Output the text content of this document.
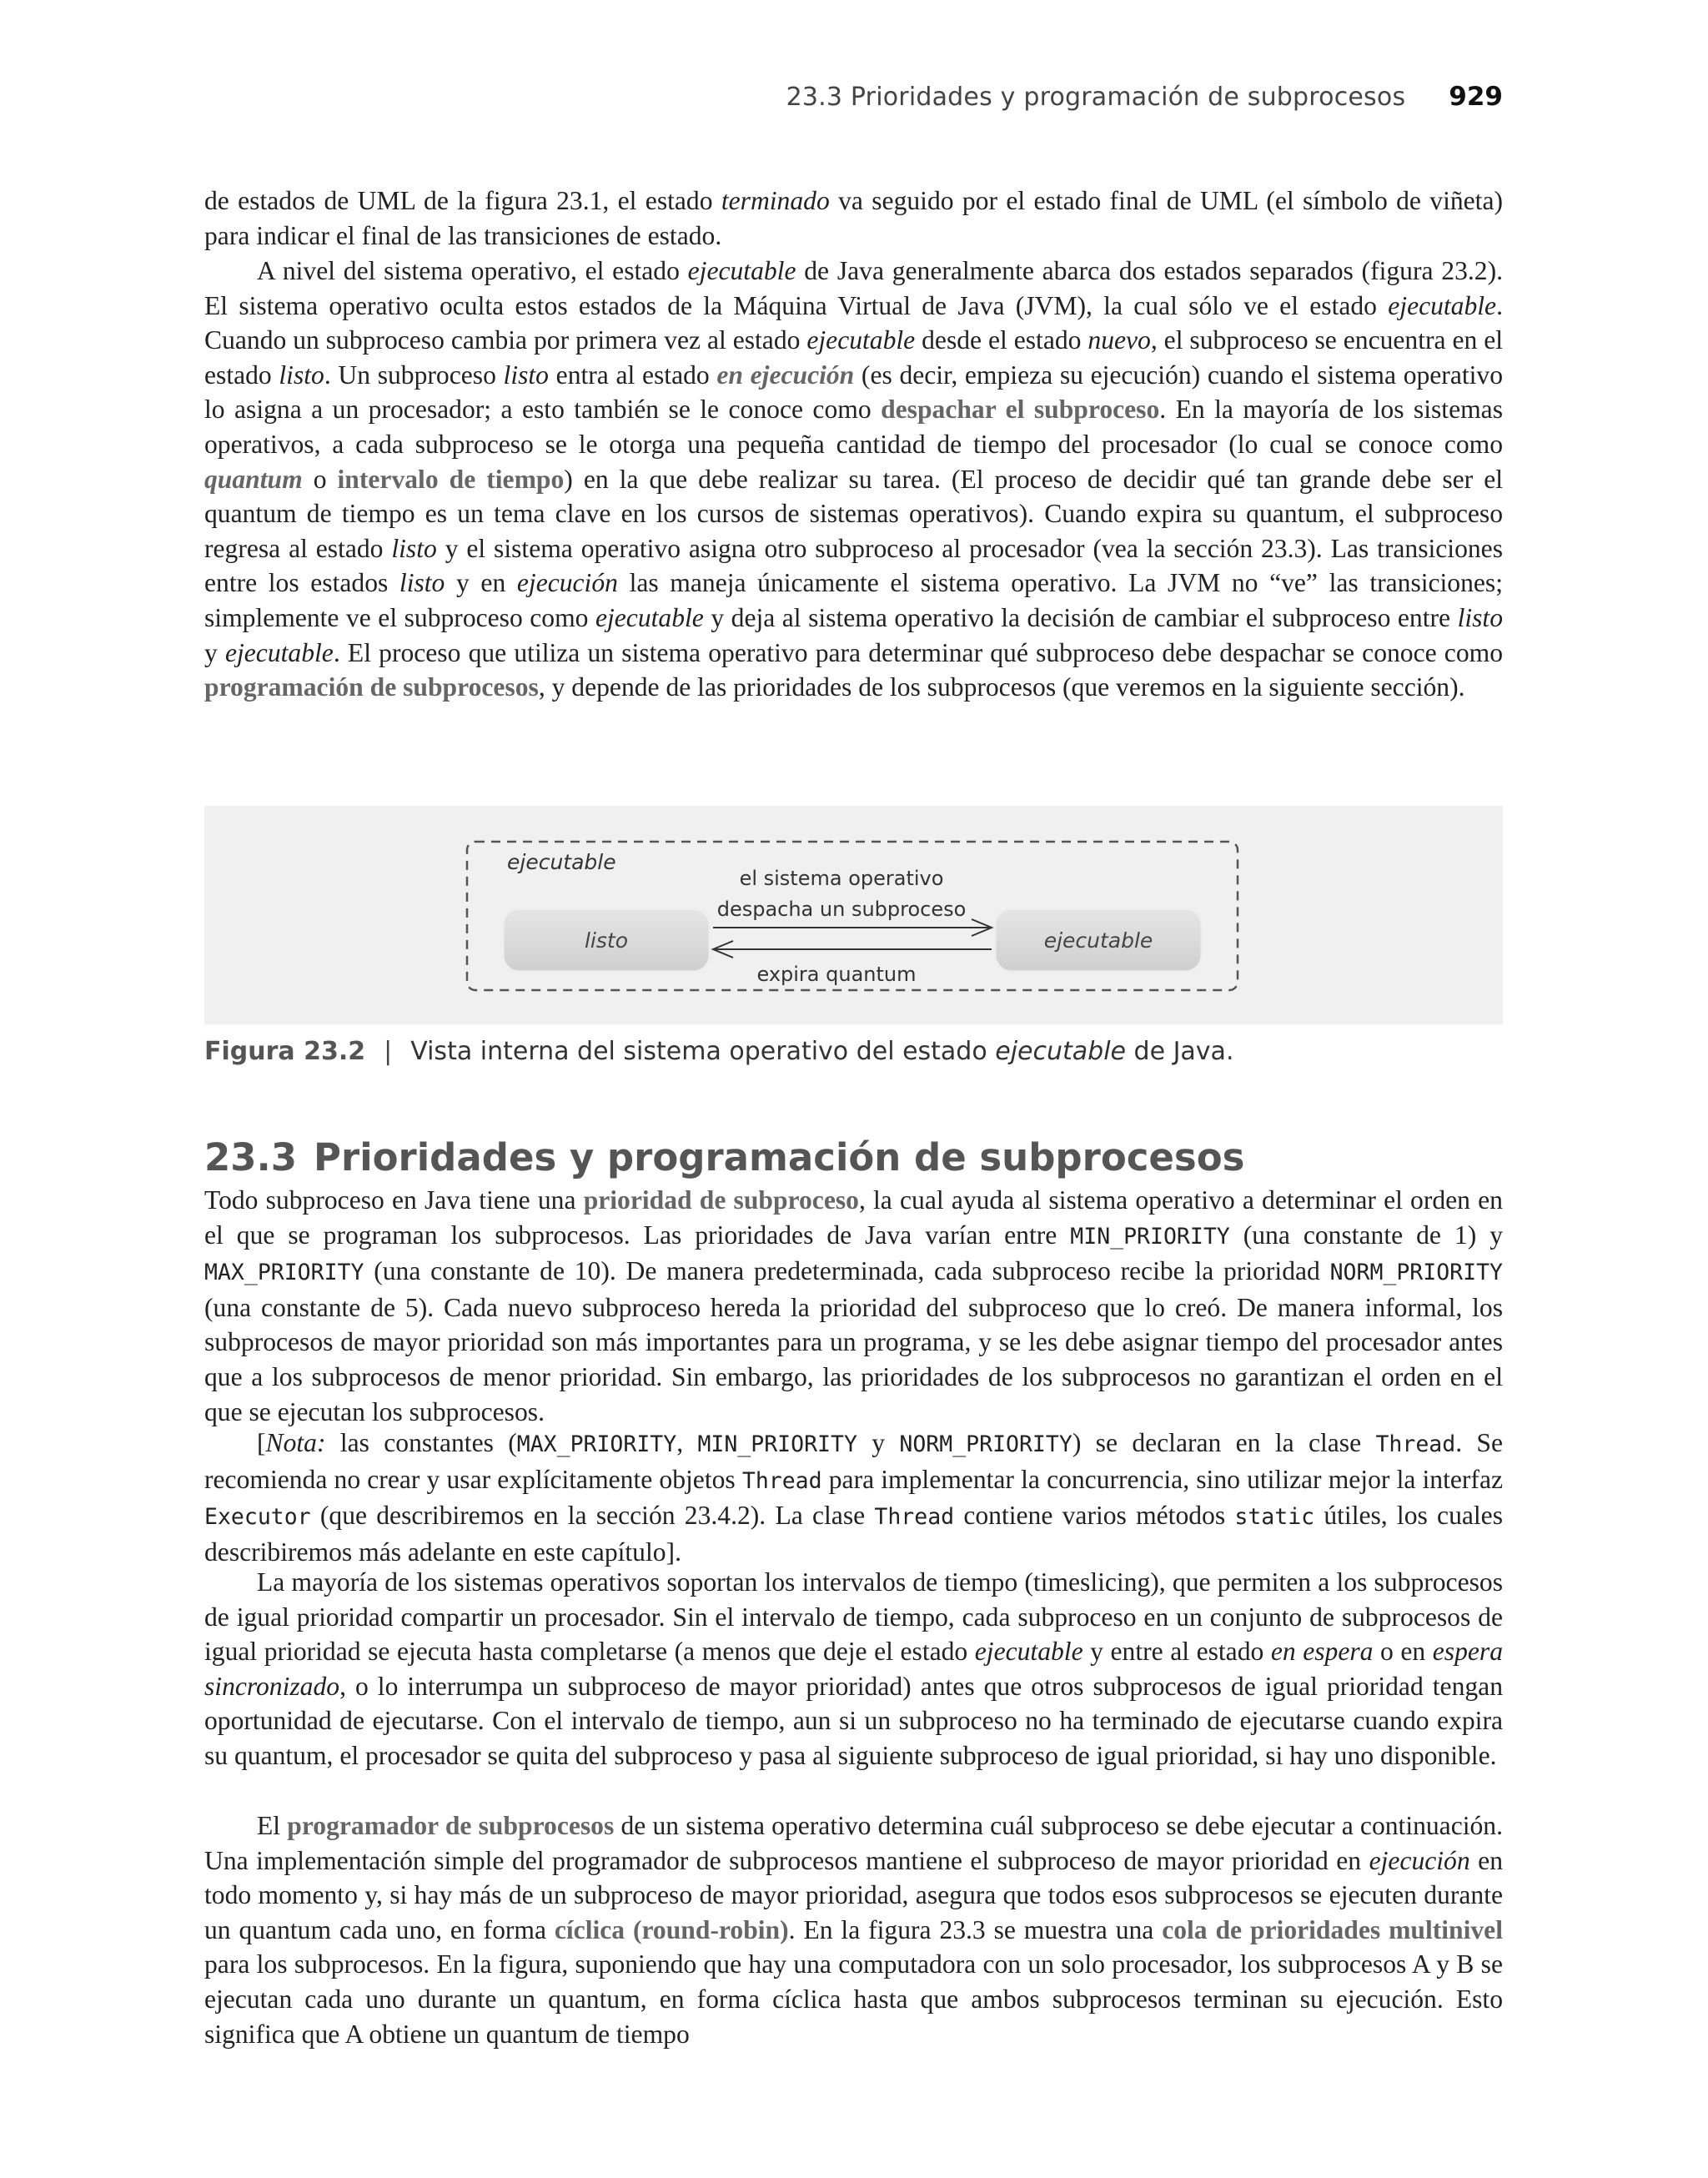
23.3 Prioridades y programación de subprocesos 929

de estados de UML de la figura 23.1, el estado terminado va seguido por el estado final de UML (el símbolo de viñeta) para indicar el final de las transiciones de estado.

A nivel del sistema operativo, el estado ejecutable de Java generalmente abarca dos estados separados (figura 23.2). El sistema operativo oculta estos estados de la Máquina Virtual de Java (JVM), la cual sólo ve el estado ejecutable. Cuando un subproceso cambia por primera vez al estado ejecutable desde el estado nuevo, el subproceso se encuentra en el estado listo. Un subproceso listo entra al estado en ejecución (es decir, empieza su ejecución) cuando el sistema operativo lo asigna a un procesador; a esto también se le conoce como despachar el subproceso. En la mayoría de los sistemas operativos, a cada subproceso se le otorga una pequeña cantidad de tiempo del procesador (lo cual se conoce como quantum o intervalo de tiempo) en la que debe realizar su tarea. (El proceso de decidir qué tan grande debe ser el quantum de tiempo es un tema clave en los cursos de sistemas operativos). Cuando expira su quantum, el subproceso regresa al estado listo y el sistema operativo asigna otro subproceso al procesador (vea la sección 23.3). Las transiciones entre los estados listo y en ejecución las maneja únicamente el sistema operativo. La JVM no “ve” las transiciones; simplemente ve el subproceso como ejecutable y deja al sistema operativo la decisión de cambiar el subproceso entre listo y ejecutable. El proceso que utiliza un sistema operativo para determinar qué subproceso debe despachar se conoce como programación de subprocesos, y depende de las prioridades de los subprocesos (que veremos en la siguiente sección).

ejecutable
listo	ejecutable
el sistema operativo
despacha un subproceso
expira quantum
Figura 23.2 | Vista interna del sistema operativo del estado ejecutable de Java.
23.3 Prioridades y programación de subprocesos

Todo subproceso en Java tiene una prioridad de subproceso, la cual ayuda al sistema operativo a determinar el orden en el que se programan los subprocesos. Las prioridades de Java varían entre MIN_PRIORITY (una constante de 1) y MAX_PRIORITY (una constante de 10). De manera predeterminada, cada subproceso recibe la prioridad NORM_PRIORITY (una constante de 5). Cada nuevo subproceso hereda la prioridad del subproceso que lo creó. De manera informal, los subprocesos de mayor prioridad son más importantes para un programa, y se les debe asignar tiempo del procesador antes que a los subprocesos de menor prioridad. Sin embargo, las prioridades de los subprocesos no garantizan el orden en el que se ejecutan los subprocesos.

[Nota: las constantes (MAX_PRIORITY, MIN_PRIORITY y NORM_PRIORITY) se declaran en la clase Thread. Se recomienda no crear y usar explícitamente objetos Thread para implementar la concurrencia, sino utilizar mejor la interfaz Executor (que describiremos en la sección 23.4.2). La clase Thread contiene varios métodos static útiles, los cuales describiremos más adelante en este capítulo].

La mayoría de los sistemas operativos soportan los intervalos de tiempo (timeslicing), que permiten a los subprocesos de igual prioridad compartir un procesador. Sin el intervalo de tiempo, cada subproceso en un conjunto de subprocesos de igual prioridad se ejecuta hasta completarse (a menos que deje el estado ejecutable y entre al estado en espera o en espera sincronizado, o lo interrumpa un subproceso de mayor prioridad) antes que otros subprocesos de igual prioridad tengan oportunidad de ejecutarse. Con el intervalo de tiempo, aun si un subproceso no ha terminado de ejecutarse cuando expira su quantum, el procesador se quita del subproceso y pasa al siguiente subproceso de igual prioridad, si hay uno disponible.

El programador de subprocesos de un sistema operativo determina cuál subproceso se debe ejecutar a continuación. Una implementación simple del programador de subprocesos mantiene el subproceso de mayor prioridad en ejecución en todo momento y, si hay más de un subproceso de mayor prioridad, asegura que todos esos subprocesos se ejecuten durante un quantum cada uno, en forma cíclica (round-robin). En la figura 23.3 se muestra una cola de prioridades multinivel para los subprocesos. En la figura, suponiendo que hay una computadora con un solo procesador, los subprocesos A y B se ejecutan cada uno durante un quantum, en forma cíclica hasta que ambos subprocesos terminan su ejecución. Esto significa que A obtiene un quantum de tiempo
